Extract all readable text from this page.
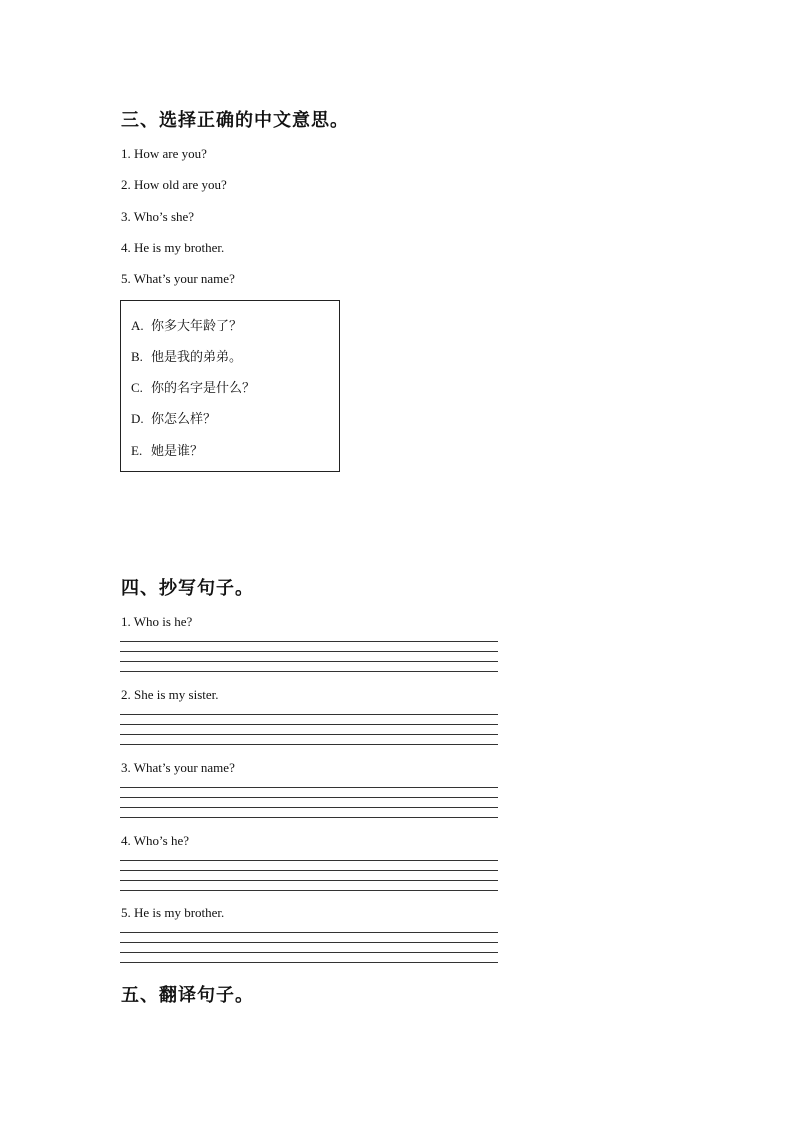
三、选择正确的中文意思。
1. How are you?
2. How old are you?
3. Who’s she?
4. He is my brother.
5. What’s your name?
A. 你多大年龄了？
B. 他是我的弟弟。
C. 你的名字是什么？
D. 你怎么样？
E. 她是谁？
四、抄写句子。
1. Who is he?
2. She is my sister.
3. What’s your name?
4. Who’s he?
5. He is my brother.
五、翻译句子。
